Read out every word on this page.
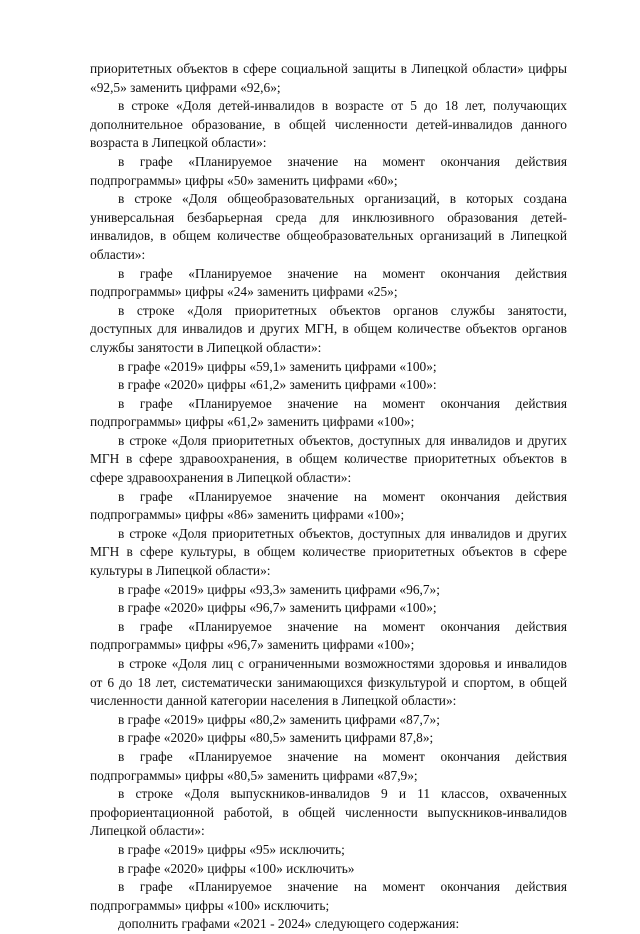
приоритетных объектов в сфере социальной защиты в Липецкой области» цифры «92,5» заменить цифрами «92,6»;

в строке «Доля детей-инвалидов в возрасте от 5 до 18 лет, получающих дополнительное образование, в общей численности детей-инвалидов данного возраста в Липецкой области»:

в графе «Планируемое значение на момент окончания действия подпрограммы» цифры «50» заменить цифрами «60»;

в строке «Доля общеобразовательных организаций, в которых создана универсальная безбарьерная среда для инклюзивного образования детей-инвалидов, в общем количестве общеобразовательных организаций в Липецкой области»:

в графе «Планируемое значение на момент окончания действия подпрограммы» цифры «24» заменить цифрами «25»;

в строке «Доля приоритетных объектов органов службы занятости, доступных для инвалидов и других МГН, в общем количестве объектов органов службы занятости в Липецкой области»:

в графе «2019» цифры «59,1» заменить цифрами «100»;

в графе «2020» цифры «61,2» заменить цифрами «100»:

в графе «Планируемое значение на момент окончания действия подпрограммы» цифры «61,2» заменить цифрами «100»;

в строке «Доля приоритетных объектов, доступных для инвалидов и других МГН в сфере здравоохранения, в общем количестве приоритетных объектов в сфере здравоохранения в Липецкой области»:

в графе «Планируемое значение на момент окончания действия подпрограммы» цифры «86» заменить цифрами «100»;

в строке «Доля приоритетных объектов, доступных для инвалидов и других МГН в сфере культуры, в общем количестве приоритетных объектов в сфере культуры в Липецкой области»:

в графе «2019» цифры «93,3» заменить цифрами «96,7»;

в графе «2020» цифры «96,7» заменить цифрами «100»;

в графе «Планируемое значение на момент окончания действия подпрограммы» цифры «96,7» заменить цифрами «100»;

в строке «Доля лиц с ограниченными возможностями здоровья и инвалидов от 6 до 18 лет, систематически занимающихся физкультурой и спортом, в общей численности данной категории населения в Липецкой области»:

в графе «2019» цифры «80,2» заменить цифрами «87,7»;

в графе «2020» цифры «80,5» заменить цифрами 87,8»;

в графе «Планируемое значение на момент окончания действия подпрограммы» цифры «80,5» заменить цифрами «87,9»;

в строке «Доля выпускников-инвалидов 9 и 11 классов, охваченных профориентационной работой, в общей численности выпускников-инвалидов Липецкой области»:

в графе «2019» цифры «95» исключить;

в графе «2020» цифры «100» исключить»

в графе «Планируемое значение на момент окончания действия подпрограммы» цифры «100» исключить;

дополнить графами «2021 - 2024» следующего содержания:
